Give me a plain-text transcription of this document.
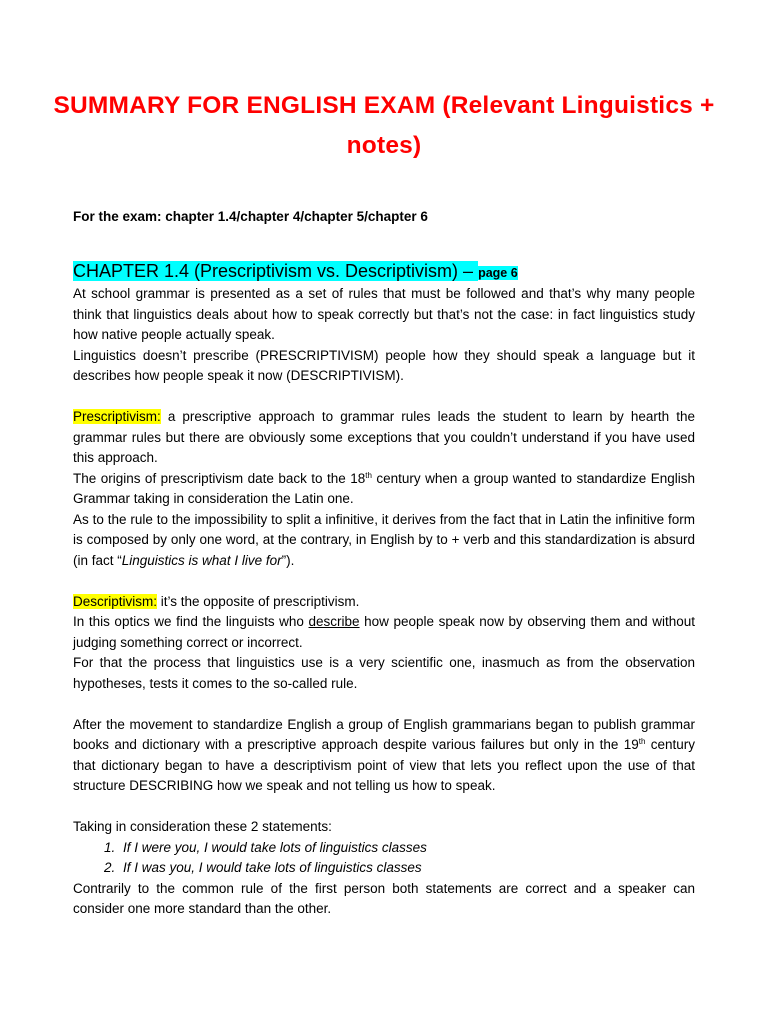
SUMMARY FOR ENGLISH EXAM (Relevant Linguistics + notes)
For the exam: chapter 1.4/chapter 4/chapter 5/chapter 6
CHAPTER 1.4 (Prescriptivism vs. Descriptivism) – page 6

At school grammar is presented as a set of rules that must be followed and that’s why many people think that linguistics deals about how to speak correctly but that’s not the case: in fact linguistics study how native people actually speak.

Linguistics doesn’t prescribe (PRESCRIPTIVISM) people how they should speak a language but it describes how people speak it now (DESCRIPTIVISM).

Prescriptivism: a prescriptive approach to grammar rules leads the student to learn by hearth the grammar rules but there are obviously some exceptions that you couldn’t understand if you have used this approach.

The origins of prescriptivism date back to the 18th century when a group wanted to standardize English Grammar taking in consideration the Latin one.

As to the rule to the impossibility to split a infinitive, it derives from the fact that in Latin the infinitive form is composed by only one word, at the contrary, in English by to + verb and this standardization is absurd (in fact “Linguistics is what I live for”).

Descriptivism: it’s the opposite of prescriptivism.

In this optics we find the linguists who describe how people speak now by observing them and without judging something correct or incorrect.

For that the process that linguistics use is a very scientific one, inasmuch as from the observation hypotheses, tests it comes to the so-called rule.

After the movement to standardize English a group of English grammarians began to publish grammar books and dictionary with a prescriptive approach despite various failures but only in the 19th century that dictionary began to have a descriptivism point of view that lets you reflect upon the use of that structure DESCRIBING how we speak and not telling us how to speak.

Taking in consideration these 2 statements:

1. If I were you, I would take lots of linguistics classes
2. If I was you, I would take lots of linguistics classes

Contrarily to the common rule of the first person both statements are correct and a speaker can consider one more standard than the other.
